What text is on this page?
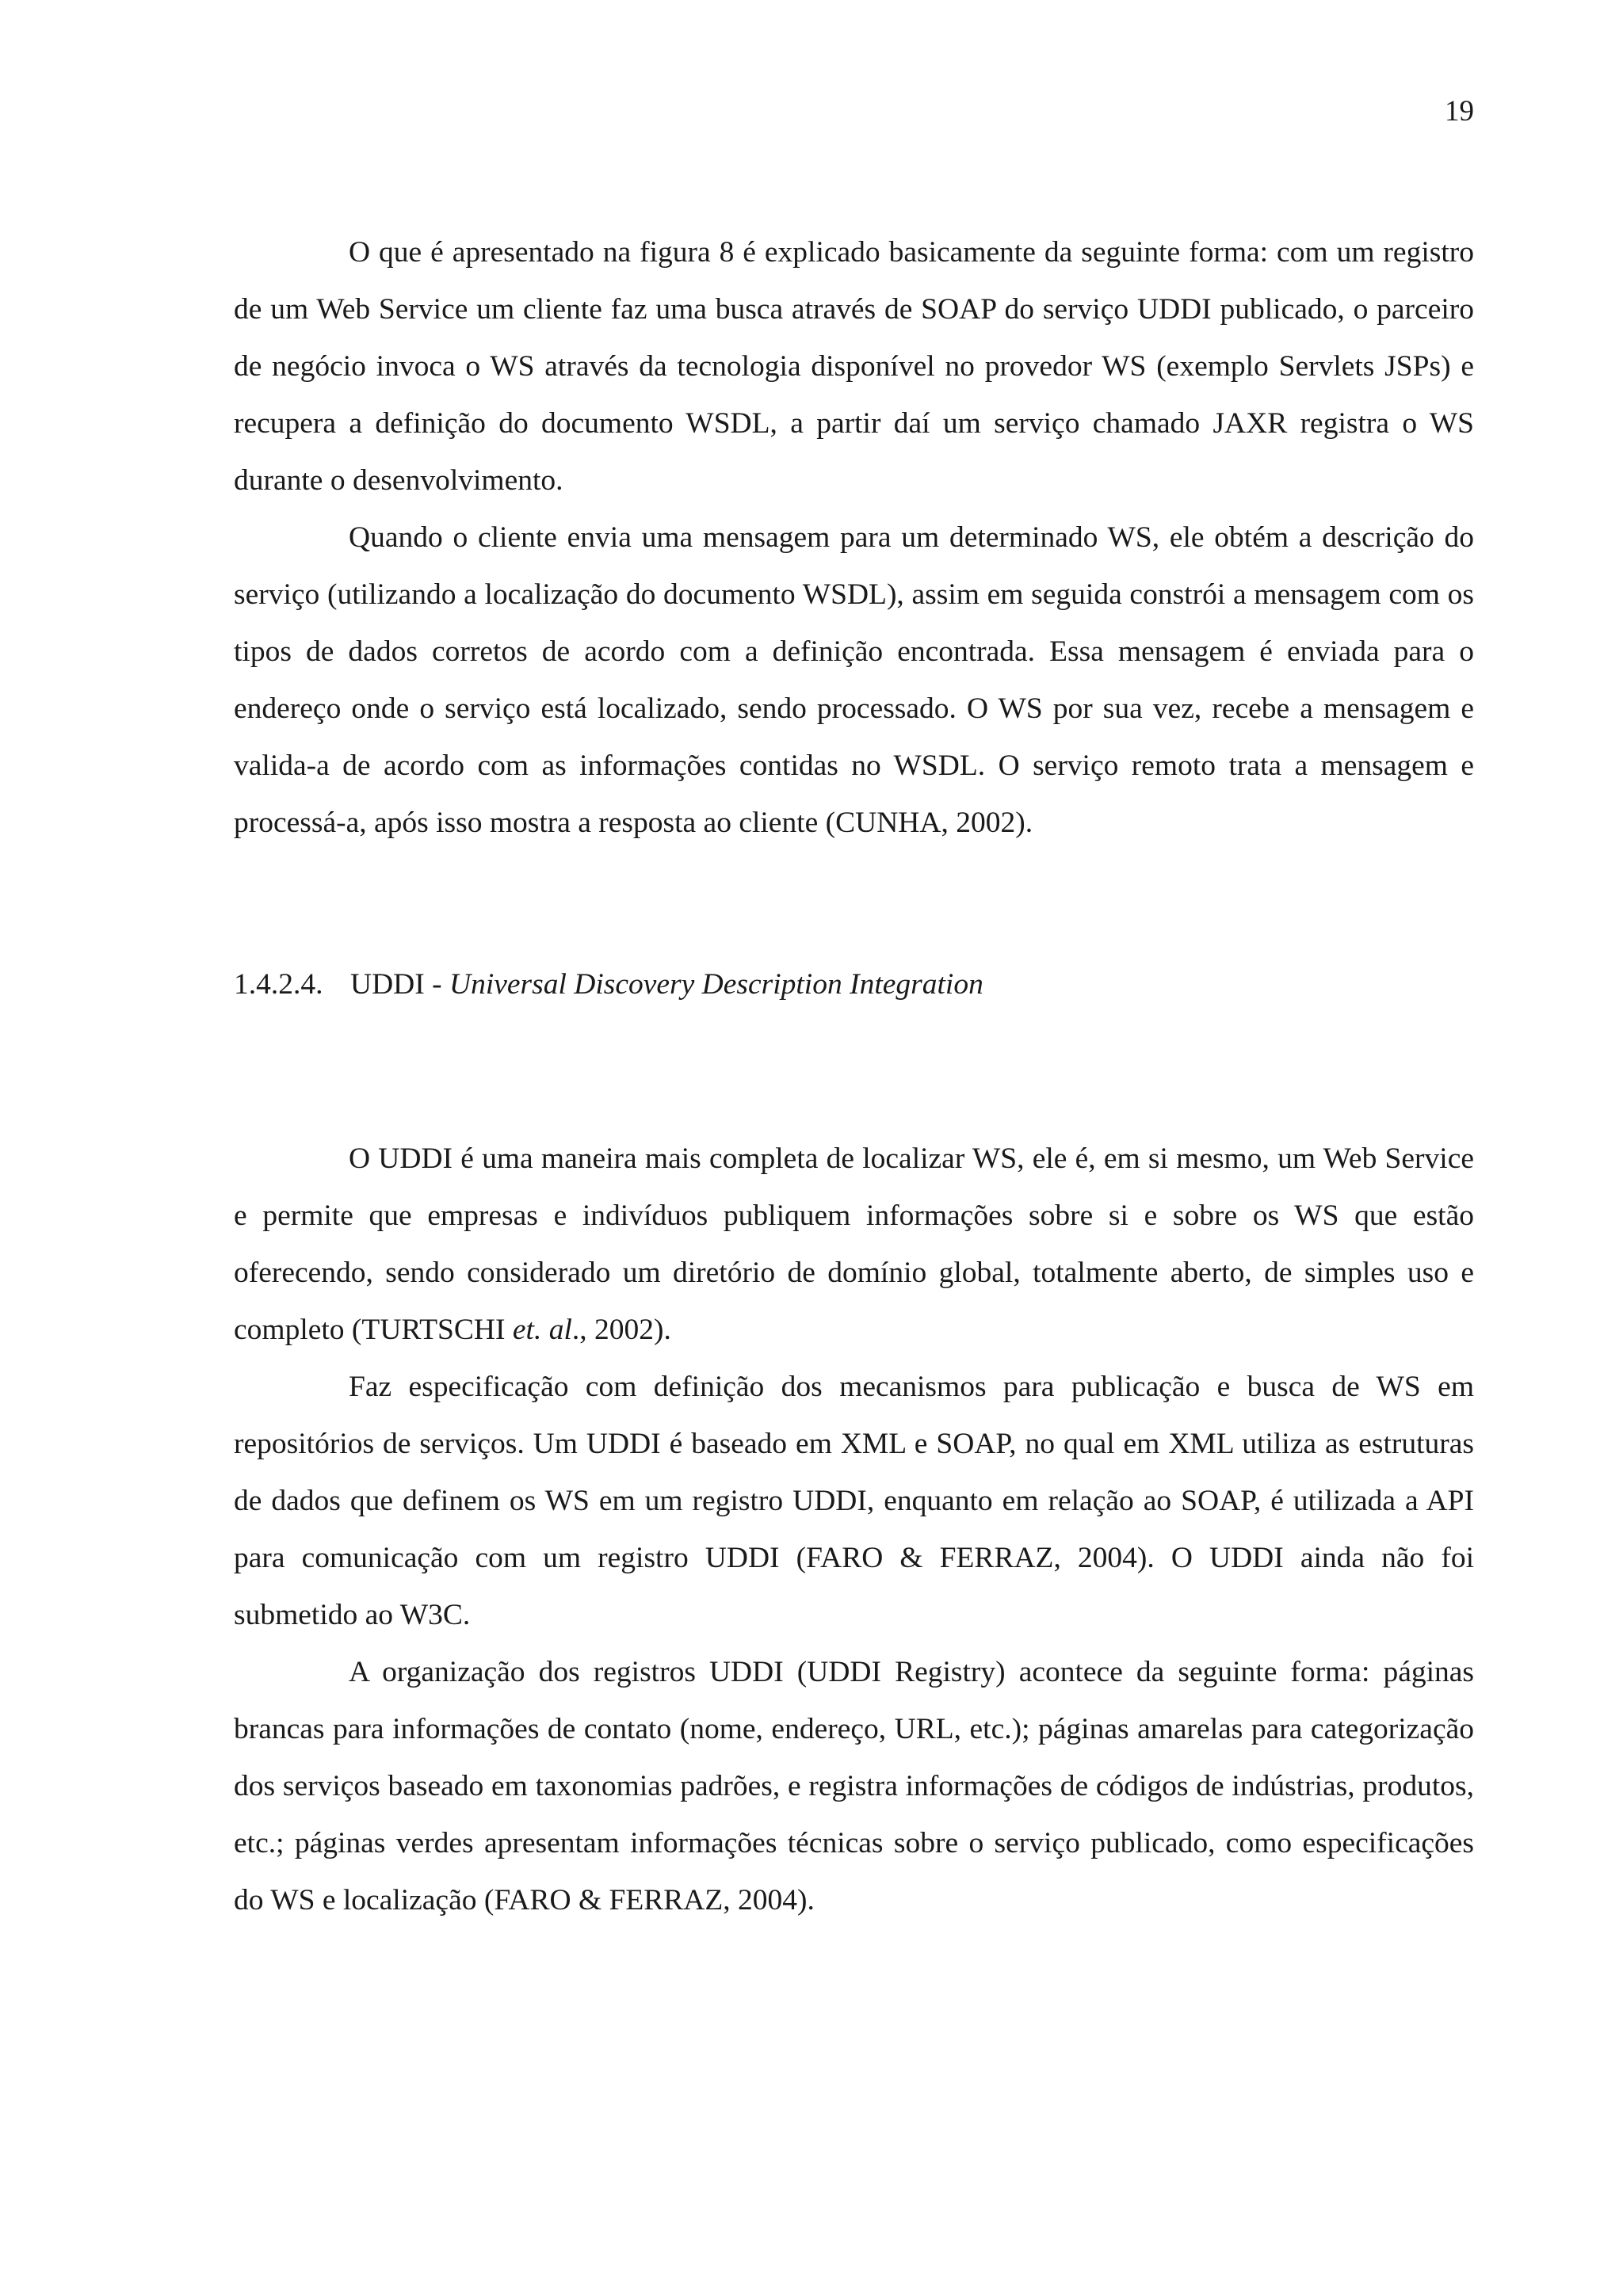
19

O que é apresentado na figura 8 é explicado basicamente da seguinte forma: com um registro de um Web Service um cliente faz uma busca através de SOAP do serviço UDDI publicado, o parceiro de negócio invoca o WS através da tecnologia disponível no provedor WS (exemplo Servlets JSPs) e recupera a definição do documento WSDL, a partir daí um serviço chamado JAXR registra o WS durante o desenvolvimento.

Quando o cliente envia uma mensagem para um determinado WS, ele obtém a descrição do serviço (utilizando a localização do documento WSDL), assim em seguida constrói a mensagem com os tipos de dados corretos de acordo com a definição encontrada. Essa mensagem é enviada para o endereço onde o serviço está localizado, sendo processado. O WS por sua vez, recebe a mensagem e valida-a de acordo com as informações contidas no WSDL. O serviço remoto trata a mensagem e processá-a, após isso mostra a resposta ao cliente (CUNHA, 2002).

1.4.2.4. UDDI - Universal Discovery Description Integration

O UDDI é uma maneira mais completa de localizar WS, ele é, em si mesmo, um Web Service e permite que empresas e indivíduos publiquem informações sobre si e sobre os WS que estão oferecendo, sendo considerado um diretório de domínio global, totalmente aberto, de simples uso e completo (TURTSCHI et. al., 2002).

Faz especificação com definição dos mecanismos para publicação e busca de WS em repositórios de serviços. Um UDDI é baseado em XML e SOAP, no qual em XML utiliza as estruturas de dados que definem os WS em um registro UDDI, enquanto em relação ao SOAP, é utilizada a API para comunicação com um registro UDDI (FARO & FERRAZ, 2004). O UDDI ainda não foi submetido ao W3C.

A organização dos registros UDDI (UDDI Registry) acontece da seguinte forma: páginas brancas para informações de contato (nome, endereço, URL, etc.); páginas amarelas para categorização dos serviços baseado em taxonomias padrões, e registra informações de códigos de indústrias, produtos, etc.; páginas verdes apresentam informações técnicas sobre o serviço publicado, como especificações do WS e localização (FARO & FERRAZ, 2004).
